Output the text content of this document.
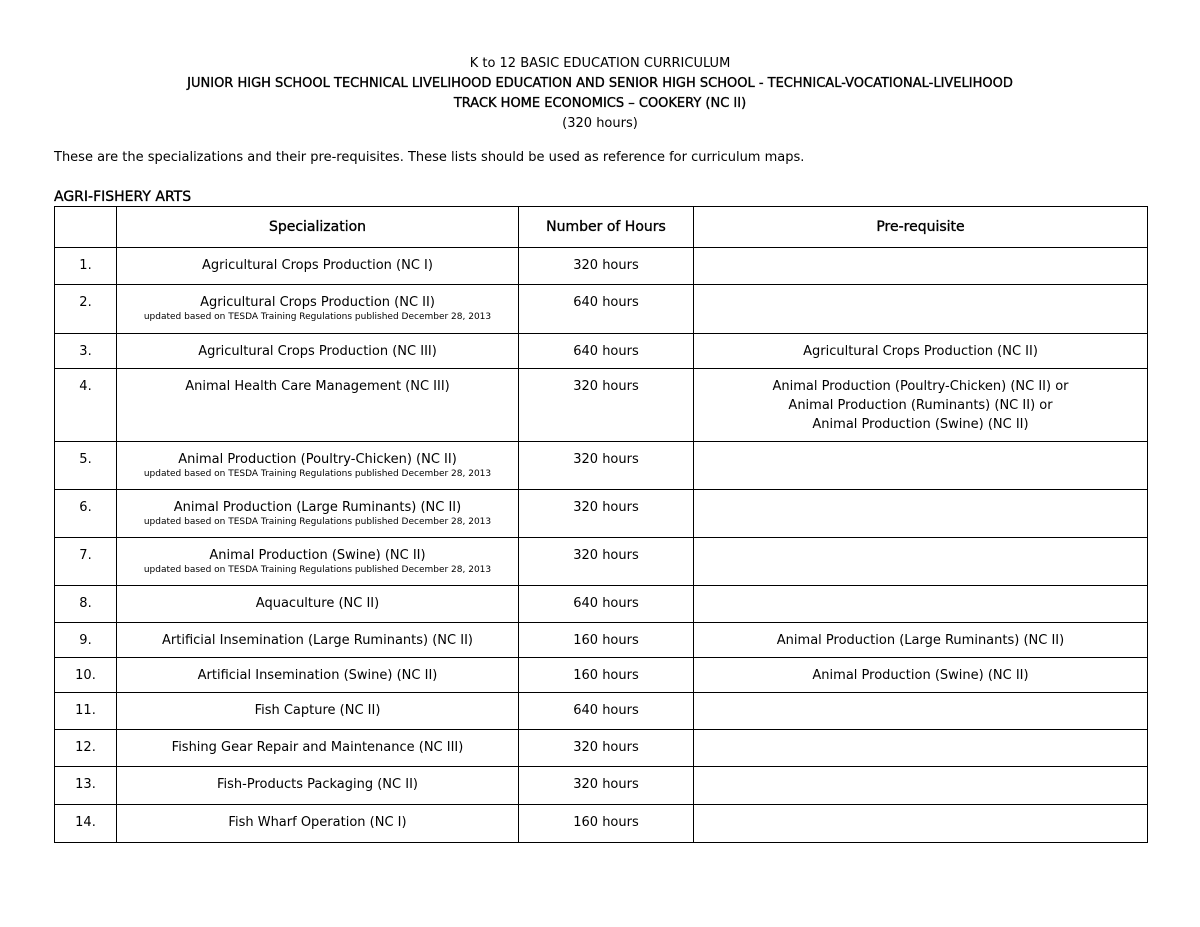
K to 12 BASIC EDUCATION CURRICULUM
JUNIOR HIGH SCHOOL TECHNICAL LIVELIHOOD EDUCATION AND SENIOR HIGH SCHOOL - TECHNICAL-VOCATIONAL-LIVELIHOOD
TRACK HOME ECONOMICS – COOKERY (NC II)
(320 hours)
These are the specializations and their pre-requisites. These lists should be used as reference for curriculum maps.
AGRI-FISHERY ARTS
	Specialization	Number of Hours	Pre-requisite
1.	Agricultural Crops Production (NC I)	320 hours	
2.	Agricultural Crops Production (NC II)
updated based on TESDA Training Regulations published December 28, 2013	640 hours	
3.	Agricultural Crops Production (NC III)	640 hours	Agricultural Crops Production (NC II)

4.	Animal Health Care Management (NC III)	320 hours	Animal Production (Poultry-Chicken) (NC II) or
Animal Production (Ruminants) (NC II) or
Animal Production (Swine) (NC II)

5.	Animal Production (Poultry-Chicken) (NC II)
updated based on TESDA Training Regulations published December 28, 2013	320 hours	
6.	Animal Production (Large Ruminants) (NC II)
updated based on TESDA Training Regulations published December 28, 2013	320 hours	
7.	Animal Production (Swine) (NC II)
updated based on TESDA Training Regulations published December 28, 2013	320 hours	
8.	Aquaculture (NC II)	640 hours	
9.	Artificial Insemination (Large Ruminants) (NC II)	160 hours	Animal Production (Large Ruminants) (NC II)

10.	Artificial Insemination (Swine) (NC II)	160 hours	Animal Production (Swine) (NC II)

11.	Fish Capture (NC II)	640 hours	
12.	Fishing Gear Repair and Maintenance (NC III)	320 hours	
13.	Fish-Products Packaging (NC II)	320 hours	
14.	Fish Wharf Operation (NC I)	160 hours	
